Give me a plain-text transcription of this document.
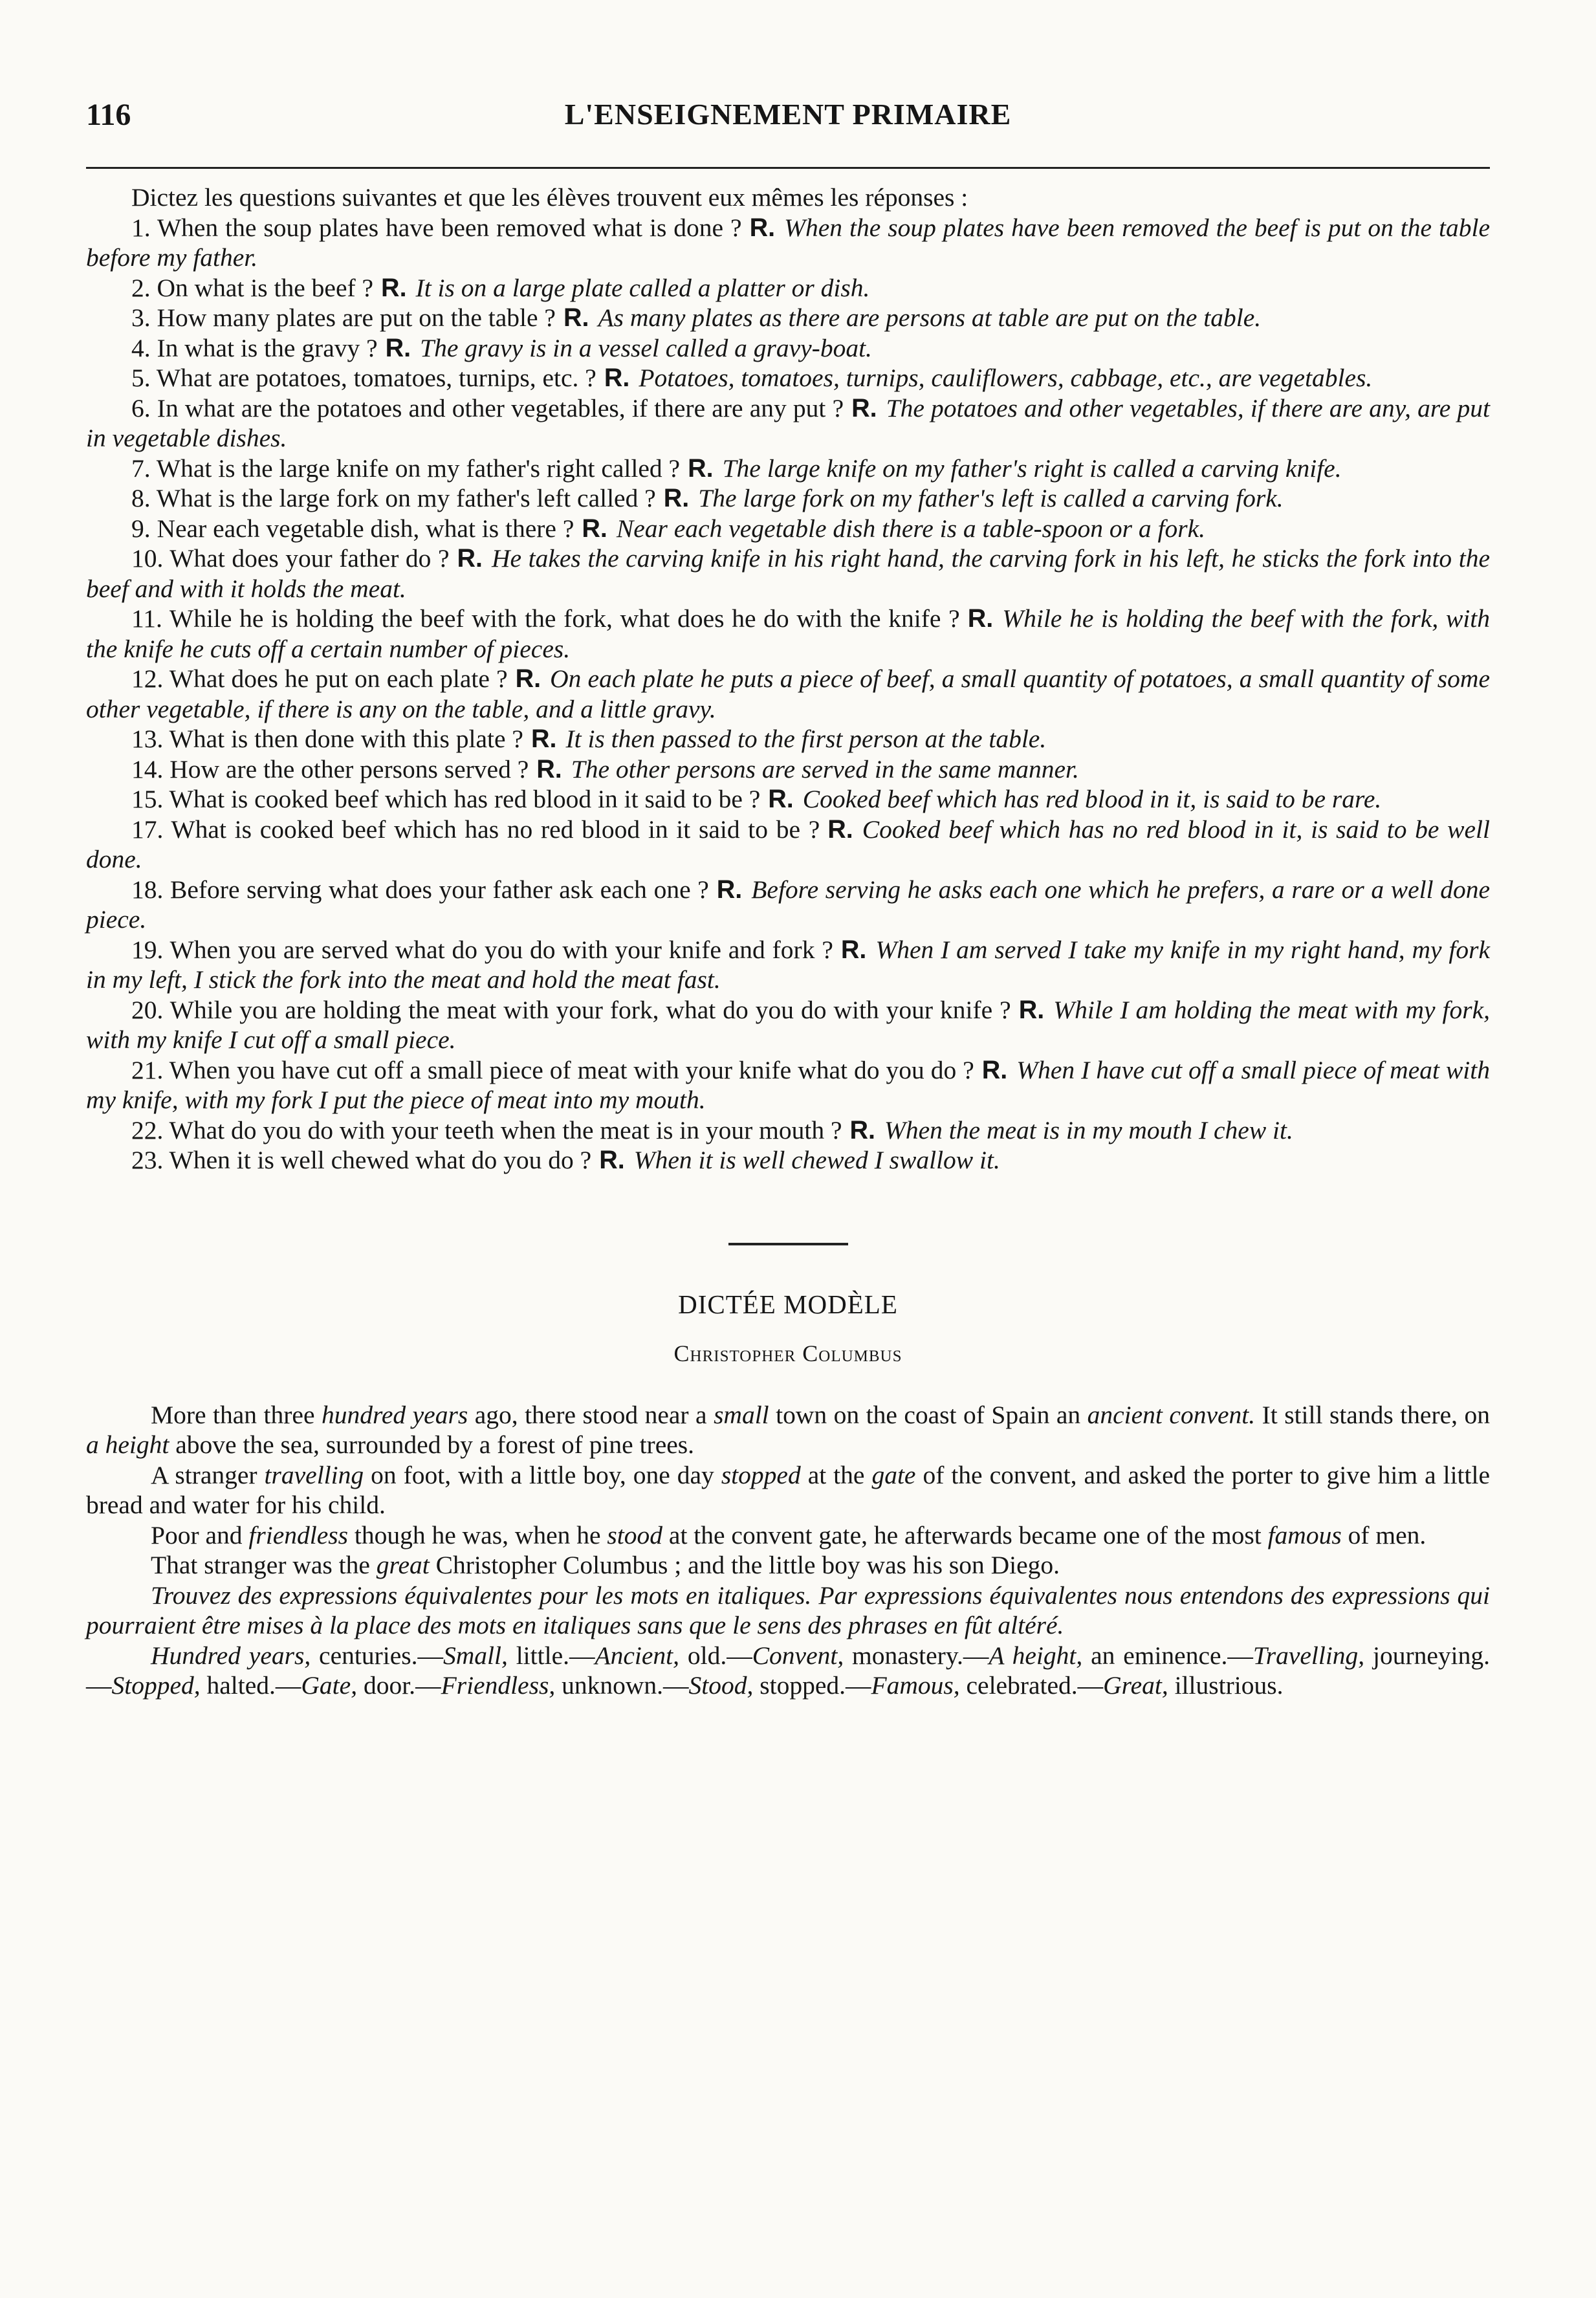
116	L'ENSEIGNEMENT PRIMAIRE

Dictez les questions suivantes et que les élèves trouvent eux mêmes les réponses :

1. When the soup plates have been removed what is done ? R. When the soup plates have been removed the beef is put on the table before my father.
2. On what is the beef ? R. It is on a large plate called a platter or dish.
3. How many plates are put on the table ? R. As many plates as there are persons at table are put on the table.
4. In what is the gravy ? R. The gravy is in a vessel called a gravy-boat.
5. What are potatoes, tomatoes, turnips, etc. ? R. Potatoes, tomatoes, turnips, cauliflowers, cabbage, etc., are vegetables.
6. In what are the potatoes and other vegetables, if there are any put ? R. The potatoes and other vegetables, if there are any, are put in vegetable dishes.
7. What is the large knife on my father's right called ? R. The large knife on my father's right is called a carving knife.
8. What is the large fork on my father's left called ? R. The large fork on my father's left is called a carving fork.
9. Near each vegetable dish, what is there ? R. Near each vegetable dish there is a table-spoon or a fork.
10. What does your father do ? R. He takes the carving knife in his right hand, the carving fork in his left, he sticks the fork into the beef and with it holds the meat.
11. While he is holding the beef with the fork, what does he do with the knife ? R. While he is holding the beef with the fork, with the knife he cuts off a certain number of pieces.
12. What does he put on each plate ? R. On each plate he puts a piece of beef, a small quantity of potatoes, a small quantity of some other vegetable, if there is any on the table, and a little gravy.
13. What is then done with this plate ? R. It is then passed to the first person at the table.
14. How are the other persons served ? R. The other persons are served in the same manner.
15. What is cooked beef which has red blood in it said to be ? R. Cooked beef which has red blood in it, is said to be rare.
17. What is cooked beef which has no red blood in it said to be ? R. Cooked beef which has no red blood in it, is said to be well done.
18. Before serving what does your father ask each one ? R. Before serving he asks each one which he prefers, a rare or a well done piece.
19. When you are served what do you do with your knife and fork ? R. When I am served I take my knife in my right hand, my fork in my left, I stick the fork into the meat and hold the meat fast.
20. While you are holding the meat with your fork, what do you do with your knife ? R. While I am holding the meat with my fork, with my knife I cut off a small piece.
21. When you have cut off a small piece of meat with your knife what do you do ? R. When I have cut off a small piece of meat with my knife, with my fork I put the piece of meat into my mouth.
22. What do you do with your teeth when the meat is in your mouth ? R. When the meat is in my mouth I chew it.
23. When it is well chewed what do you do ? R. When it is well chewed I swallow it.
DICTÉE MODÈLE
Christopher Columbus

More than three hundred years ago, there stood near a small town on the coast of Spain an ancient convent. It still stands there, on a height above the sea, surrounded by a forest of pine trees.

A stranger travelling on foot, with a little boy, one day stopped at the gate of the convent, and asked the porter to give him a little bread and water for his child.

Poor and friendless though he was, when he stood at the convent gate, he afterwards became one of the most famous of men.

That stranger was the great Christopher Columbus ; and the little boy was his son Diego.

Trouvez des expressions équivalentes pour les mots en italiques. Par expressions équivalentes nous entendons des expressions qui pourraient être mises à la place des mots en italiques sans que le sens des phrases en fût altéré.

Hundred years, centuries.—Small, little.—Ancient, old.—Convent, monastery.—A height, an eminence.—Travelling, journeying.—Stopped, halted.—Gate, door.—Friendless, unknown.—Stood, stopped.—Famous, celebrated.—Great, illustrious.
